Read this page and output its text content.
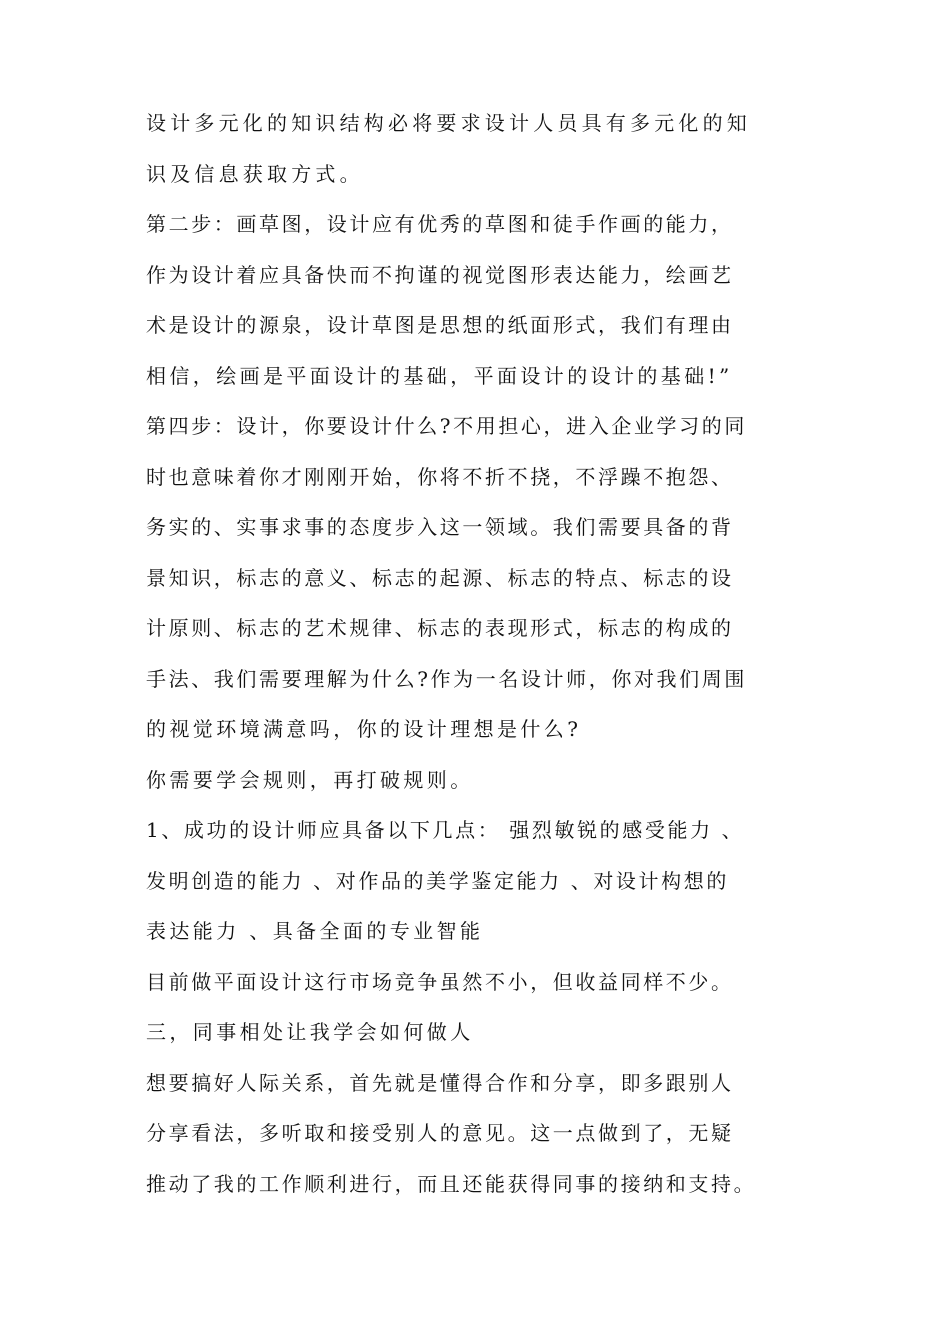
设计多元化的知识结构必将要求设计人员具有多元化的知
识及信息获取方式。
第二步：画草图，设计应有优秀的草图和徒手作画的能力，
作为设计着应具备快而不拘谨的视觉图形表达能力，绘画艺
术是设计的源泉，设计草图是思想的纸面形式，我们有理由
相信，绘画是平面设计的基础，平面设计的设计的基础!”
第四步：设计，你要设计什么?不用担心，进入企业学习的同
时也意味着你才刚刚开始，你将不折不挠，不浮躁不抱怨、
务实的、实事求事的态度步入这一领域。我们需要具备的背
景知识，标志的意义、标志的起源、标志的特点、标志的设
计原则、标志的艺术规律、标志的表现形式，标志的构成的
手法、我们需要理解为什么?作为一名设计师，你对我们周围
的视觉环境满意吗，你的设计理想是什么?
你需要学会规则，再打破规则。
1、成功的设计师应具备以下几点： 强烈敏锐的感受能力 、
发明创造的能力 、对作品的美学鉴定能力 、对设计构想的
表达能力 、具备全面的专业智能
目前做平面设计这行市场竞争虽然不小，但收益同样不少。
三，同事相处让我学会如何做人
想要搞好人际关系，首先就是懂得合作和分享，即多跟别人
分享看法，多听取和接受别人的意见。这一点做到了，无疑
推动了我的工作顺利进行，而且还能获得同事的接纳和支持。
